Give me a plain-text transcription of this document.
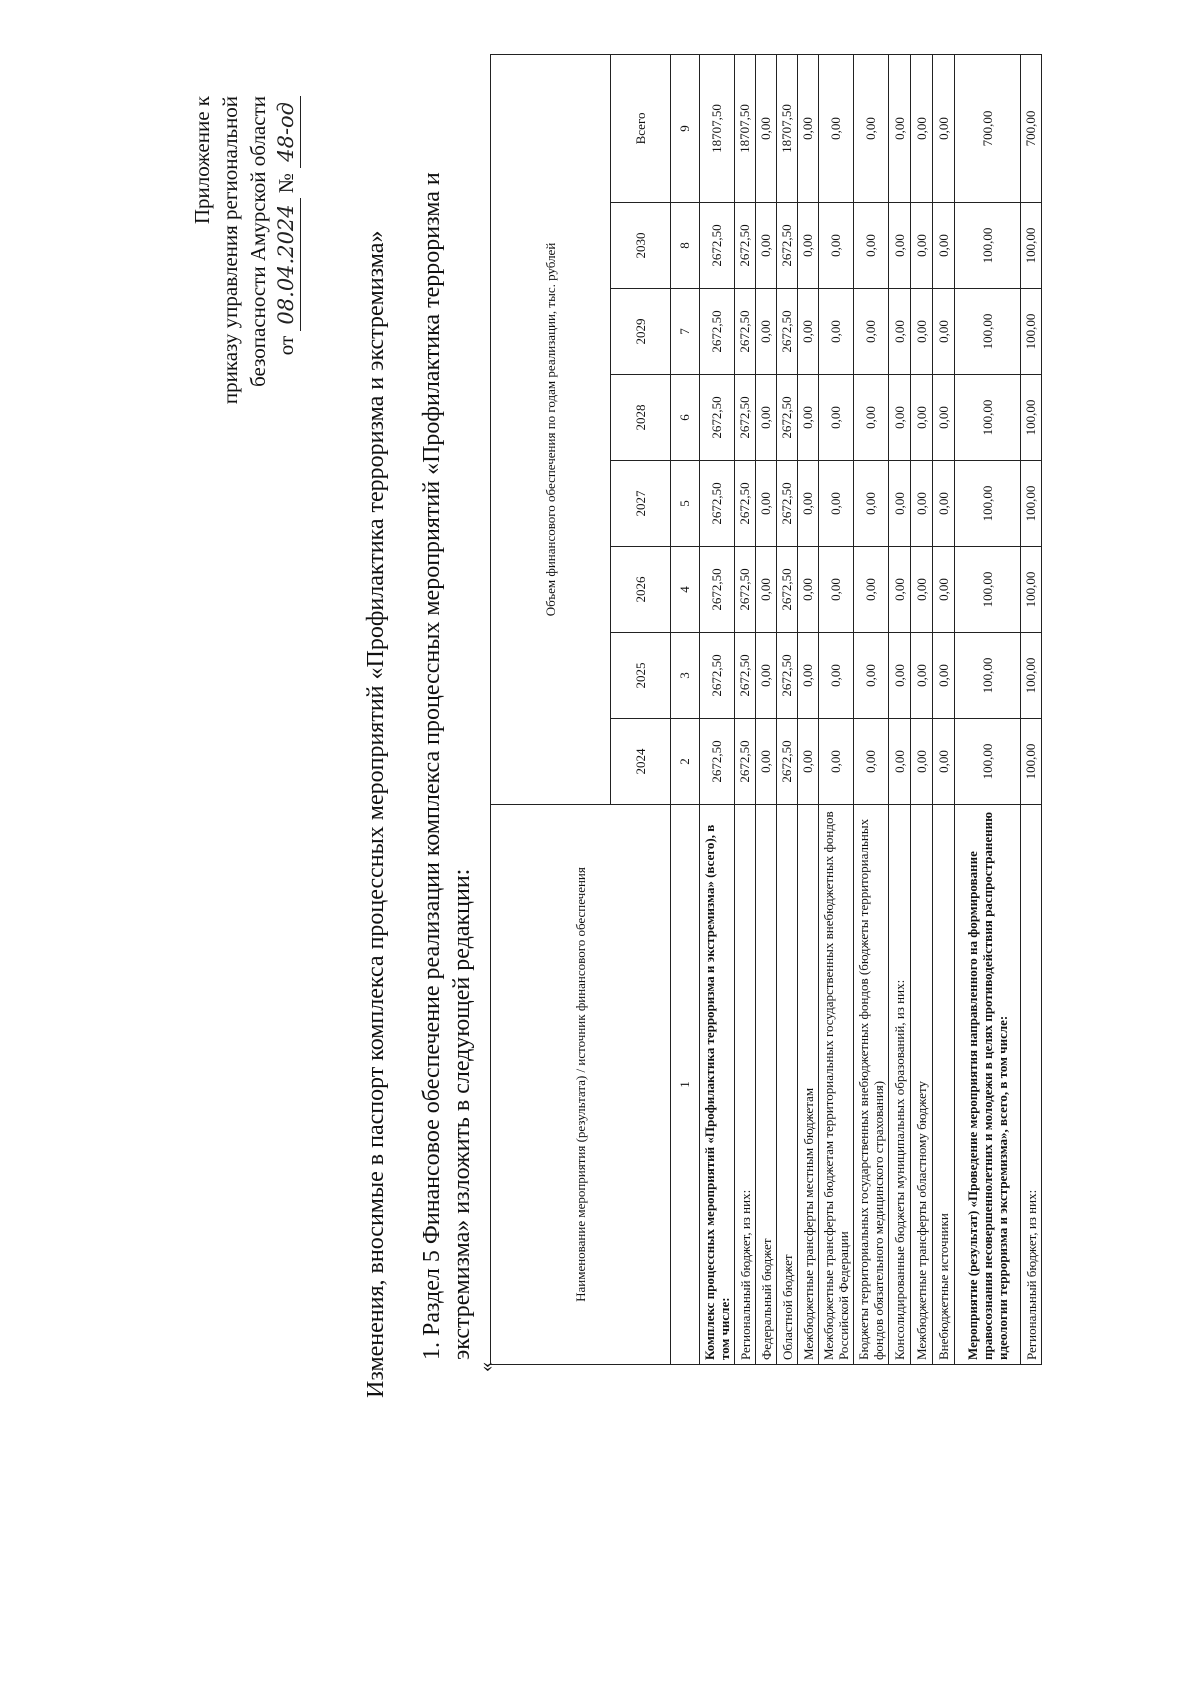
Приложение к приказу управления региональной безопасности Амурской области от 08.04.2024 № 48-од
Изменения, вносимые в паспорт комплекса процессных мероприятий «Профилактика терроризма и экстремизма» 1. Раздел 5 Финансовое обеспечение реализации комплекса процессных мероприятий «Профилактика терроризма и экстремизма» изложить в следующей редакции:
«
Наименование мероприятия (результата) / источник финансового обеспечения	Объем финансового обеспечения по годам реализации, тыс. рублей							
	2024	2025	2026	2027	2028	2029	2030	Всего
1	2	3	4	5	6	7	8	9
Комплекс процессных мероприятий «Профилактика терроризма и экстремизма» (всего), в том числе:	2672,50	2672,50	2672,50	2672,50	2672,50	2672,50	2672,50	18707,50
Региональный бюджет, из них:	2672,50	2672,50	2672,50	2672,50	2672,50	2672,50	2672,50	18707,50
Федеральный бюджет	0,00	0,00	0,00	0,00	0,00	0,00	0,00	0,00
Областной бюджет	2672,50	2672,50	2672,50	2672,50	2672,50	2672,50	2672,50	18707,50
Межбюджетные трансферты местным бюджетам	0,00	0,00	0,00	0,00	0,00	0,00	0,00	0,00
Межбюджетные трансферты бюджетам территориальных государственных внебюджетных фондов Российской Федерации	0,00	0,00	0,00	0,00	0,00	0,00	0,00	0,00
Бюджеты территориальных государственных внебюджетных фондов (бюджеты территориальных фондов обязательного медицинского страхования)	0,00	0,00	0,00	0,00	0,00	0,00	0,00	0,00
Консолидированные бюджеты муниципальных образований, из них:	0,00	0,00	0,00	0,00	0,00	0,00	0,00	0,00
Межбюджетные трансферты областному бюджету	0,00	0,00	0,00	0,00	0,00	0,00	0,00	0,00
Внебюджетные источники	0,00	0,00	0,00	0,00	0,00	0,00	0,00	0,00
Мероприятие (результат) «Проведение мероприятия направленного на формирование правосознания несовершеннолетних и молодежи в целях противодействия распространению идеологии терроризма и экстремизма», всего, в том числе:	100,00	100,00	100,00	100,00	100,00	100,00	100,00	700,00
Региональный бюджет, из них:	100,00	100,00	100,00	100,00	100,00	100,00	100,00	700,00
